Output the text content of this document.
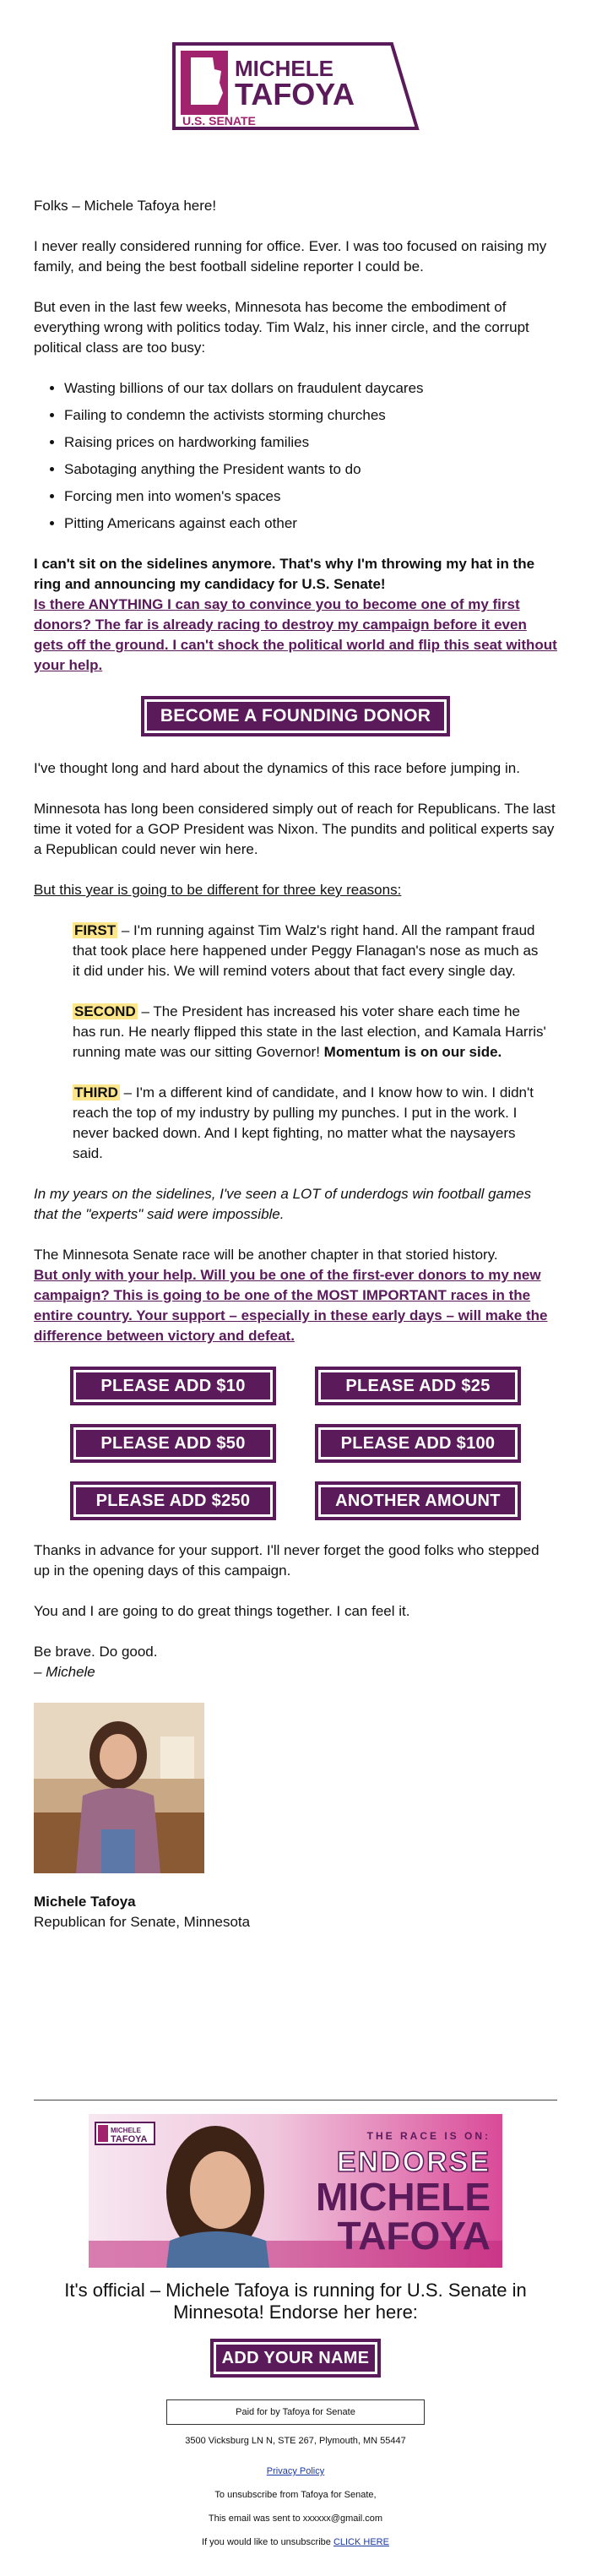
MICHELE
TAFOYA
U.S. SENATE

Folks – Michele Tafoya here!

I never really considered running for office. Ever. I was too focused on raising my family, and being the best football sideline reporter I could be.

But even in the last few weeks, Minnesota has become the embodiment of everything wrong with politics today. Tim Walz, his inner circle, and the corrupt political class are too busy:

• Wasting billions of our tax dollars on fraudulent daycares
• Failing to condemn the activists storming churches
• Raising prices on hardworking families
• Sabotaging anything the President wants to do
• Forcing men into women's spaces
• Pitting Americans against each other

I can't sit on the sidelines anymore. That's why I'm throwing my hat in the ring and announcing my candidacy for U.S. Senate!
Is there ANYTHING I can say to convince you to become one of my first donors? The far is already racing to destroy my campaign before it even gets off the ground. I can't shock the political world and flip this seat without your help.

BECOME A FOUNDING DONOR

I've thought long and hard about the dynamics of this race before jumping in.

Minnesota has long been considered simply out of reach for Republicans. The last time it voted for a GOP President was Nixon. The pundits and political experts say a Republican could never win here.

But this year is going to be different for three key reasons:

FIRST – I'm running against Tim Walz's right hand. All the rampant fraud that took place here happened under Peggy Flanagan's nose as much as it did under his. We will remind voters about that fact every single day.

SECOND – The President has increased his voter share each time he has run. He nearly flipped this state in the last election, and Kamala Harris' running mate was our sitting Governor! Momentum is on our side.

THIRD – I'm a different kind of candidate, and I know how to win. I didn't reach the top of my industry by pulling my punches. I put in the work. I never backed down. And I kept fighting, no matter what the naysayers said.

In my years on the sidelines, I've seen a LOT of underdogs win football games that the "experts" said were impossible.

The Minnesota Senate race will be another chapter in that storied history.
But only with your help. Will you be one of the first-ever donors to my new campaign? This is going to be one of the MOST IMPORTANT races in the entire country. Your support – especially in these early days – will make the difference between victory and defeat.

PLEASE ADD $10	PLEASE ADD $25
PLEASE ADD $50	PLEASE ADD $100
PLEASE ADD $250	ANOTHER AMOUNT

Thanks in advance for your support. I'll never forget the good folks who stepped up in the opening days of this campaign.

You and I are going to do great things together. I can feel it.

Be brave. Do good.
– Michele

Michele Tafoya

Republican for Senate, Minnesota

MICHELE
TAFOYA	THE RACE IS ON:
ENDORSE
MICHELE
TAFOYA

It's official – Michele Tafoya is running for U.S. Senate in Minnesota! Endorse her here:

ADD YOUR NAME
Paid for by Tafoya for Senate

3500 Vicksburg LN N, STE 267, Plymouth, MN 55447

Privacy Policy

To unsubscribe from Tafoya for Senate,

This email was sent to xxxxxx@gmail.com

If you would like to unsubscribe CLICK HERE
